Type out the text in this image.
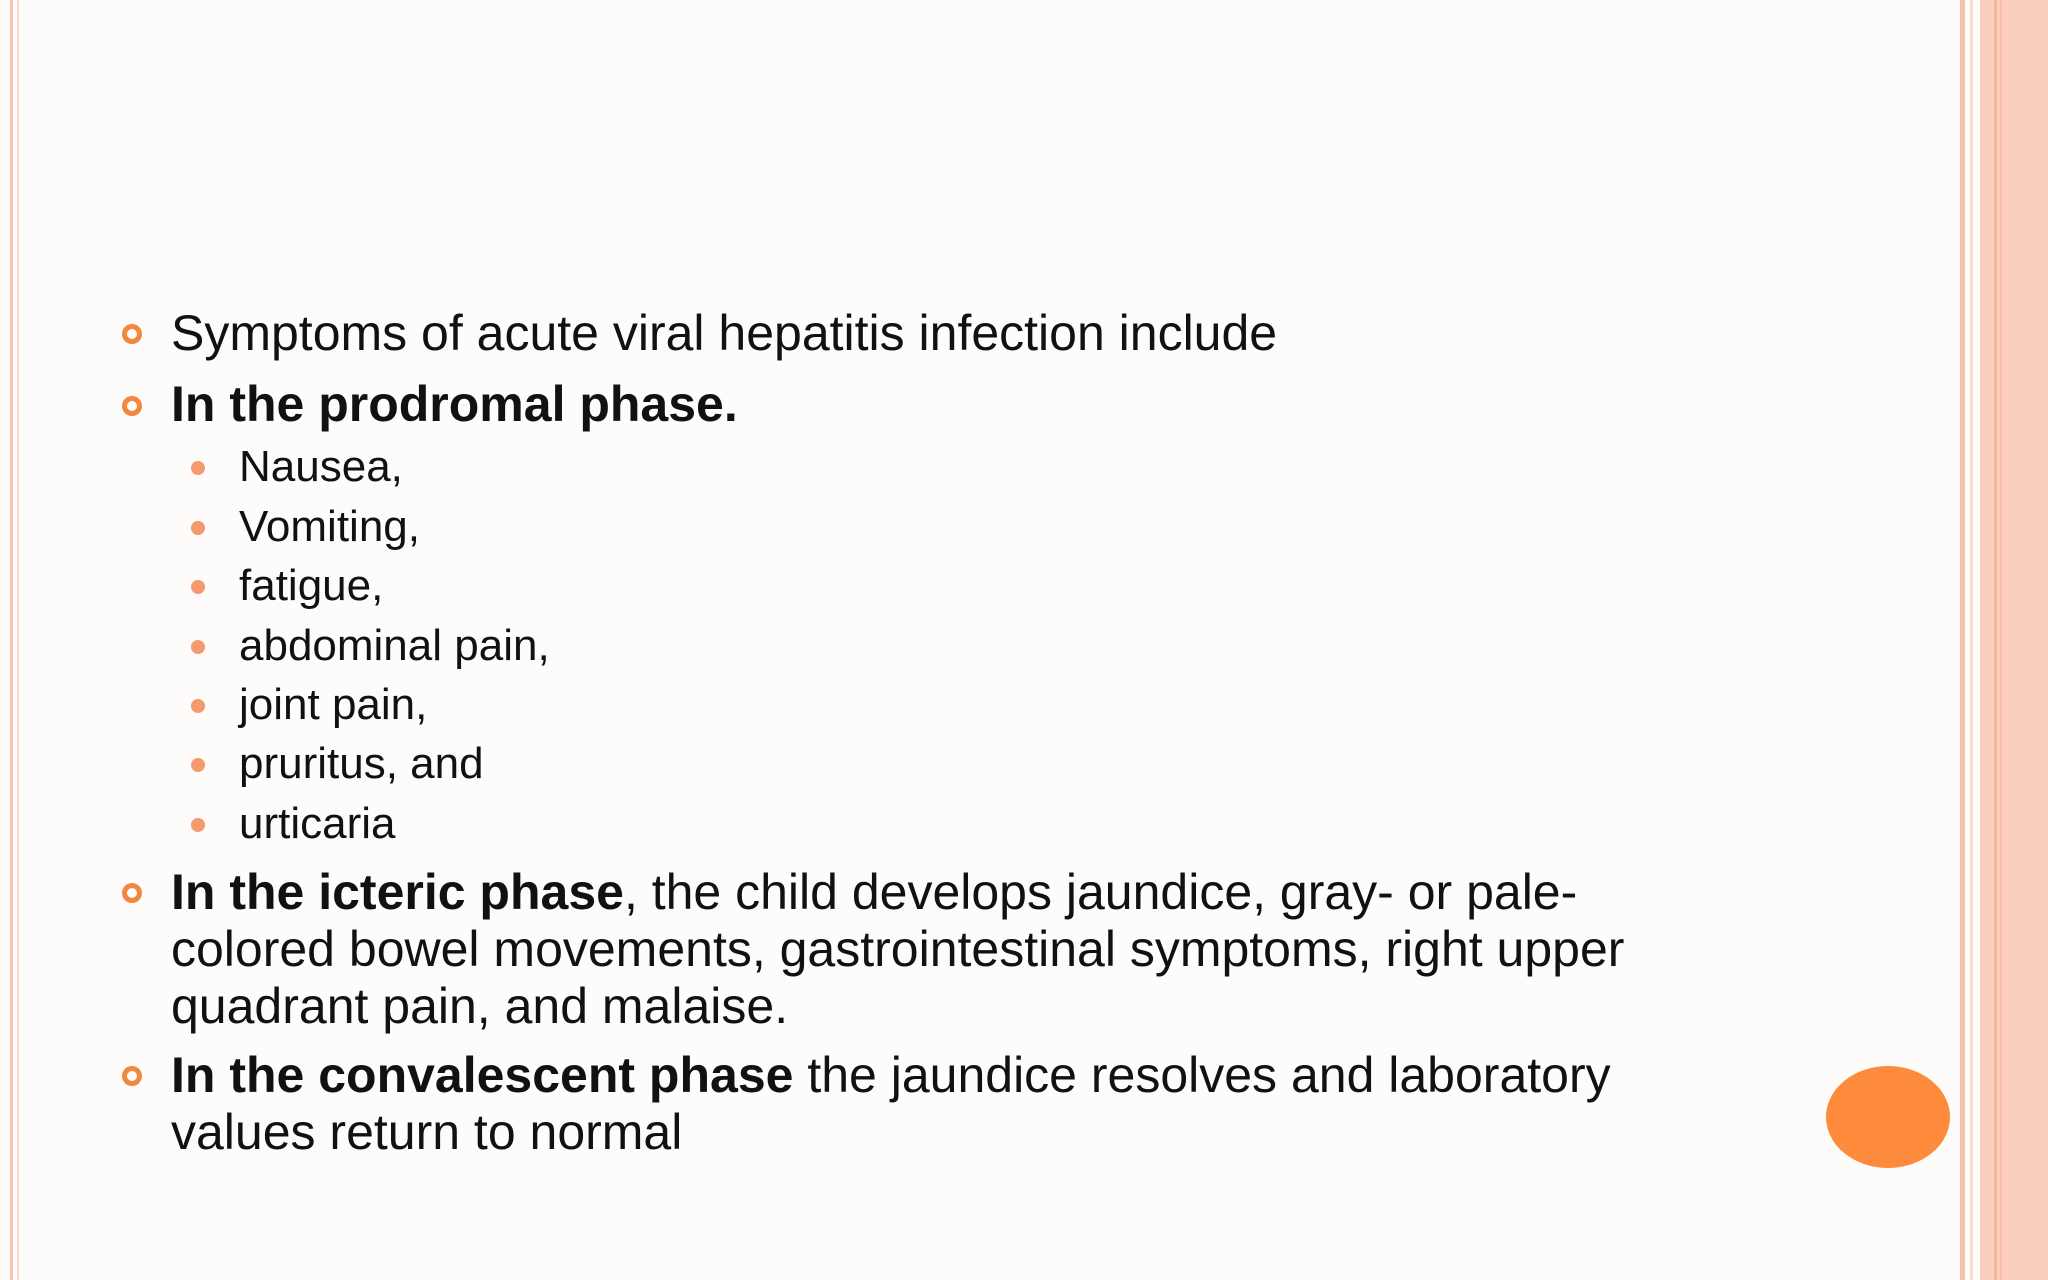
Symptoms of acute viral hepatitis infection include
In the prodromal phase.
Nausea,
Vomiting,
fatigue,
abdominal pain,
joint pain,
pruritus, and
urticaria
In the icteric phase, the child develops jaundice, gray- or pale-
colored bowel movements, gastrointestinal symptoms, right upper
quadrant pain, and malaise.
In the convalescent phase the jaundice resolves and laboratory
values return to normal
